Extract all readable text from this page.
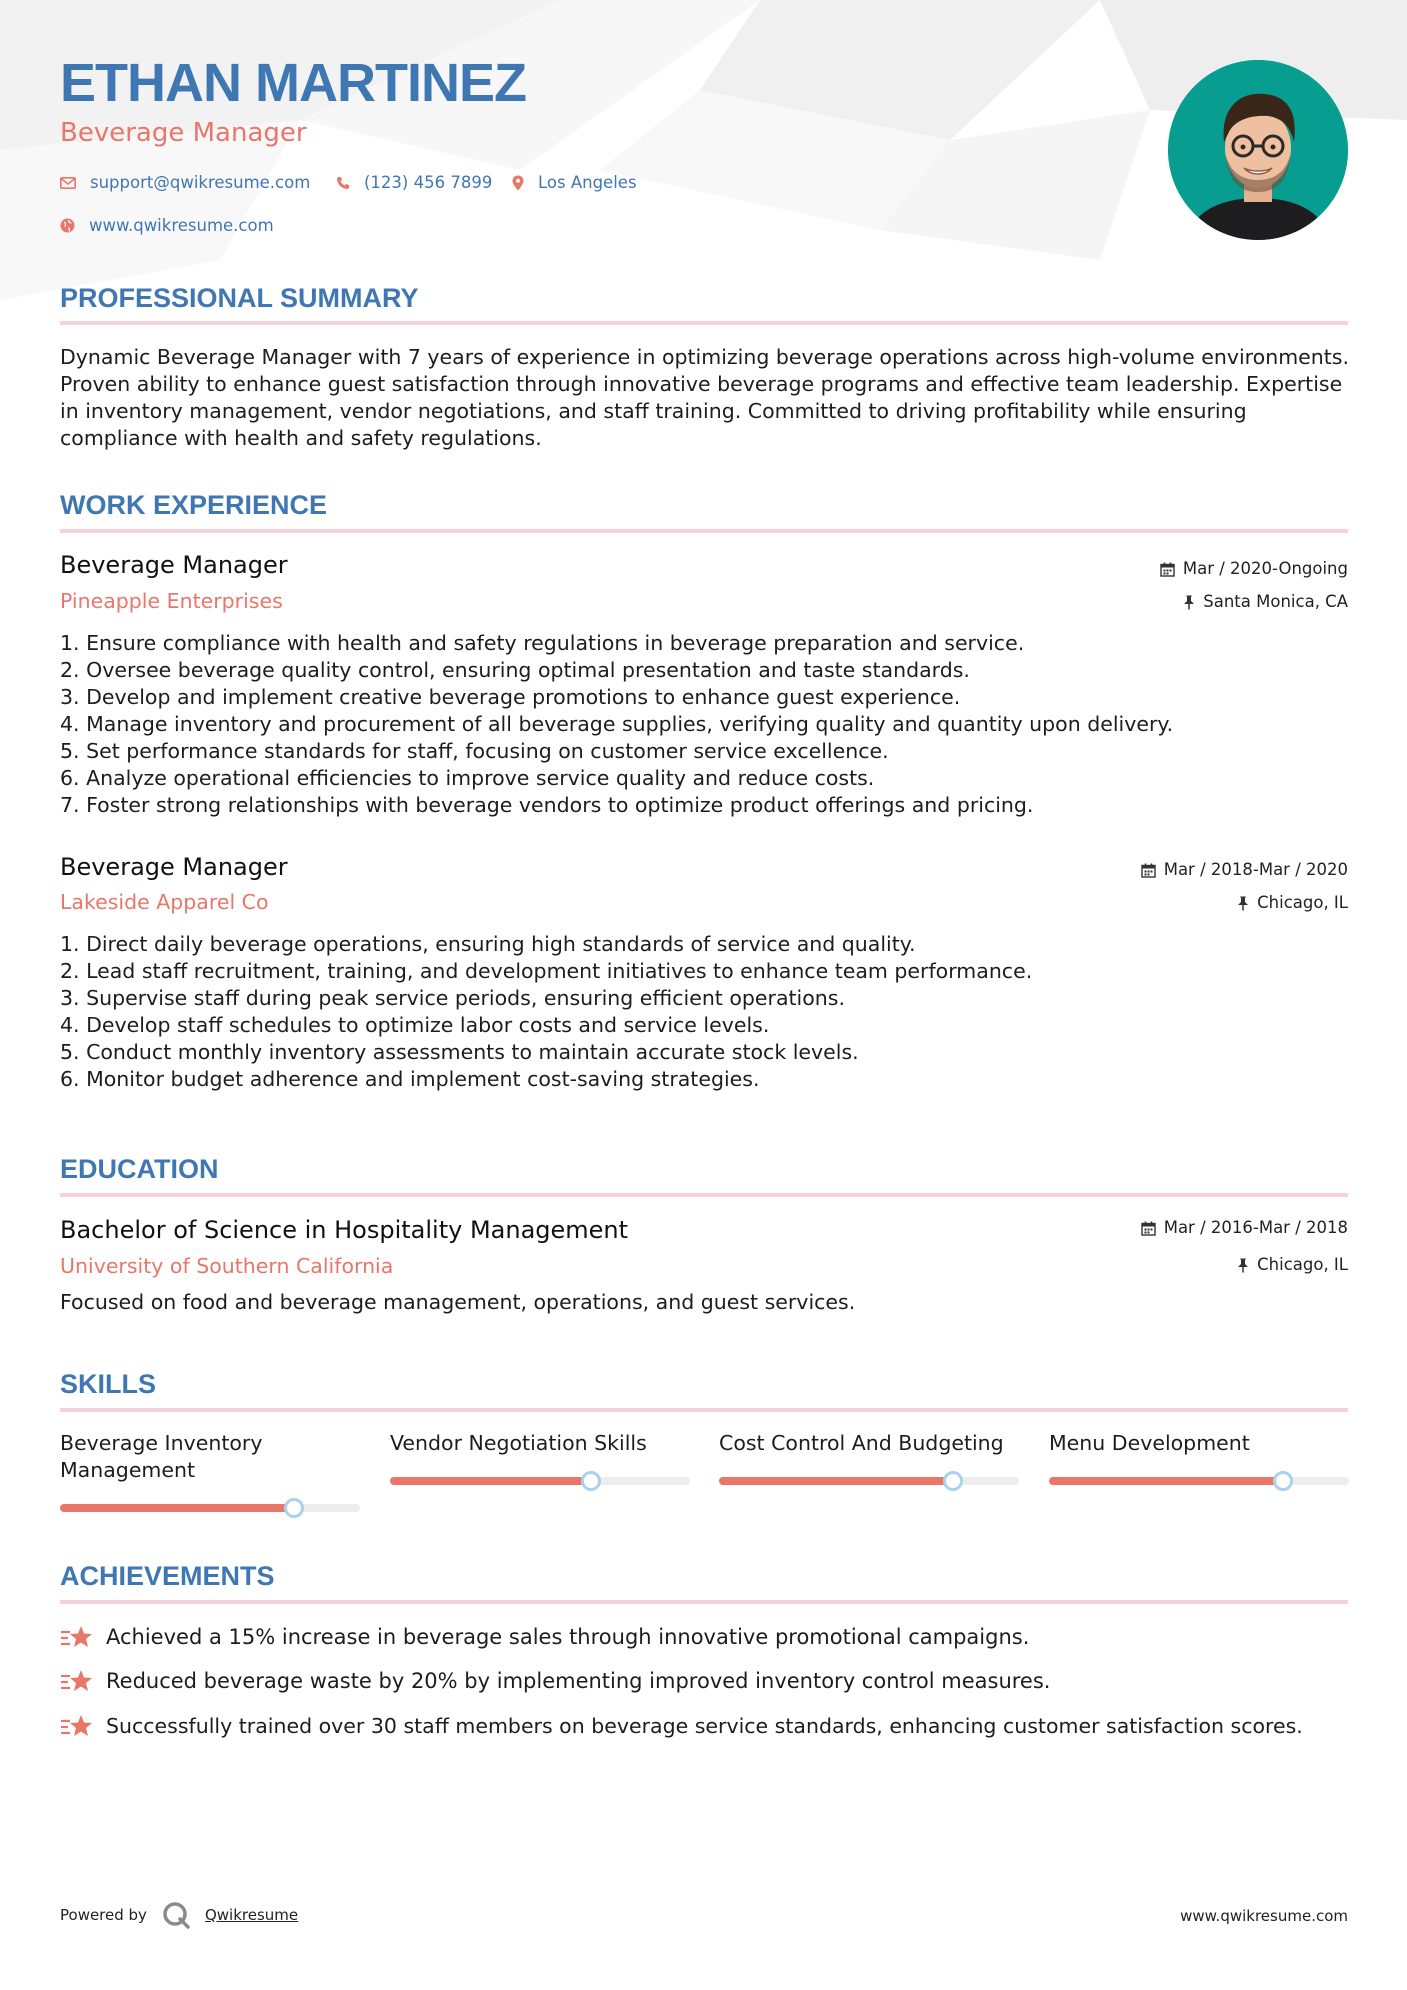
ETHAN MARTINEZ
Beverage Manager
support@qwikresume.com	(123) 456 7899	Los Angeles
www.qwikresume.com
PROFESSIONAL SUMMARY
Dynamic Beverage Manager with 7 years of experience in optimizing beverage operations across high-volume environments. Proven ability to enhance guest satisfaction through innovative beverage programs and effective team leadership. Expertise in inventory management, vendor negotiations, and staff training. Committed to driving profitability while ensuring compliance with health and safety regulations.
WORK EXPERIENCE
Beverage Manager	Mar / 2020-Ongoing
Pineapple Enterprises	Santa Monica, CA
1. Ensure compliance with health and safety regulations in beverage preparation and service.
2. Oversee beverage quality control, ensuring optimal presentation and taste standards.
3. Develop and implement creative beverage promotions to enhance guest experience.
4. Manage inventory and procurement of all beverage supplies, verifying quality and quantity upon delivery.
5. Set performance standards for staff, focusing on customer service excellence.
6. Analyze operational efficiencies to improve service quality and reduce costs.
7. Foster strong relationships with beverage vendors to optimize product offerings and pricing.
Beverage Manager	Mar / 2018-Mar / 2020
Lakeside Apparel Co	Chicago, IL
1. Direct daily beverage operations, ensuring high standards of service and quality.
2. Lead staff recruitment, training, and development initiatives to enhance team performance.
3. Supervise staff during peak service periods, ensuring efficient operations.
4. Develop staff schedules to optimize labor costs and service levels.
5. Conduct monthly inventory assessments to maintain accurate stock levels.
6. Monitor budget adherence and implement cost-saving strategies.
EDUCATION
Bachelor of Science in Hospitality Management	Mar / 2016-Mar / 2018
University of Southern California	Chicago, IL
Focused on food and beverage management, operations, and guest services.
SKILLS
Beverage Inventory
Management
Vendor Negotiation Skills	Cost Control And Budgeting	Menu Development
ACHIEVEMENTS
Achieved a 15% increase in beverage sales through innovative promotional campaigns.
Reduced beverage waste by 20% by implementing improved inventory control measures.
Successfully trained over 30 staff members on beverage service standards, enhancing customer satisfaction scores.
Powered by	Qwikresume	www.qwikresume.com
